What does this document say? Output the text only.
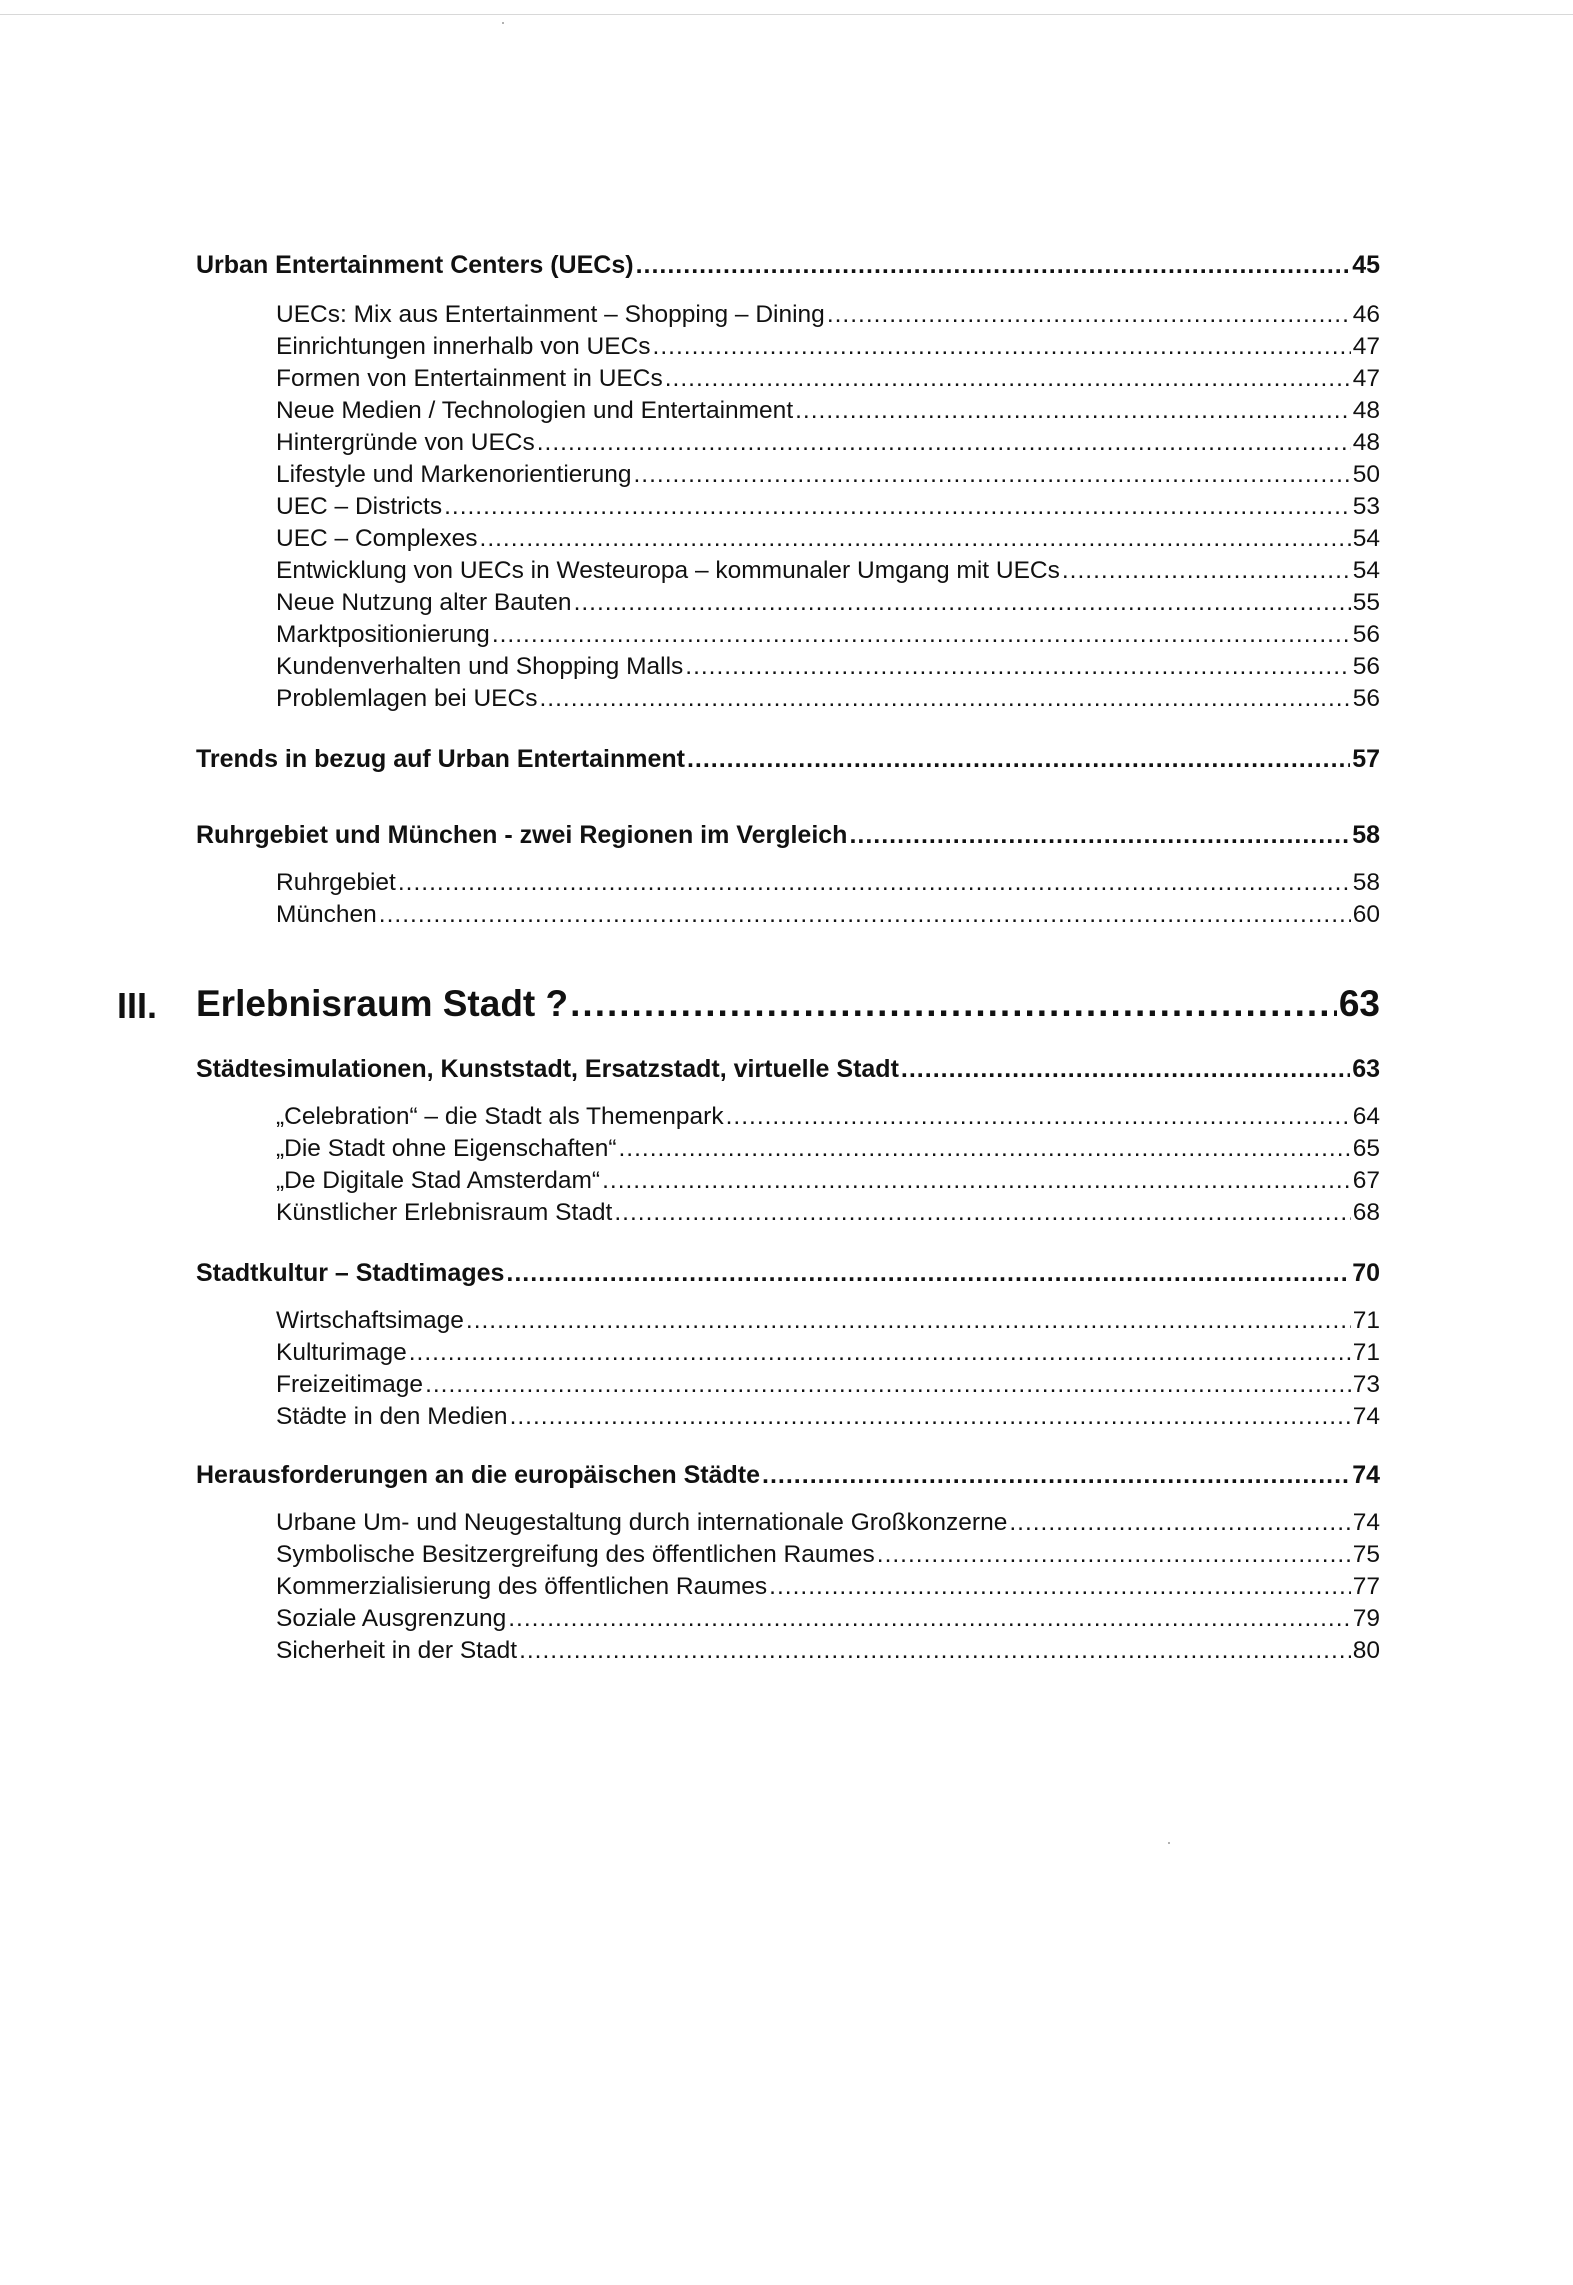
Urban Entertainment Centers (UECs) .....	45
UECs: Mix aus Entertainment – Shopping – Dining .....	46
Einrichtungen innerhalb von UECs .....	47
Formen von Entertainment in UECs .....	47
Neue Medien / Technologien und Entertainment .....	48
Hintergründe von UECs .....	48
Lifestyle und Markenorientierung .....	50
UEC – Districts .....	53
UEC – Complexes .....	54
Entwicklung von UECs in Westeuropa – kommunaler Umgang mit UECs .....	54
Neue Nutzung alter Bauten .....	55
Marktpositionierung .....	56
Kundenverhalten und Shopping Malls .....	56
Problemlagen bei UECs .....	56
Trends in bezug auf Urban Entertainment .....	57
Ruhrgebiet und München - zwei Regionen im Vergleich .....	58
Ruhrgebiet .....	58
München .....	60
III. Erlebnisraum Stadt ? .....	63
Städtesimulationen, Kunststadt, Ersatzstadt, virtuelle Stadt .....	63
„Celebration“ – die Stadt als Themenpark .....	64
„Die Stadt ohne Eigenschaften“ .....	65
„De Digitale Stad Amsterdam“ .....	67
Künstlicher Erlebnisraum Stadt .....	68
Stadtkultur – Stadtimages .....	70
Wirtschaftsimage .....	71
Kulturimage .....	71
Freizeitimage .....	73
Städte in den Medien .....	74
Herausforderungen an die europäischen Städte .....	74
Urbane Um- und Neugestaltung durch internationale Großkonzerne .....	74
Symbolische Besitzergreifung des öffentlichen Raumes .....	75
Kommerzialisierung des öffentlichen Raumes .....	77
Soziale Ausgrenzung .....	79
Sicherheit in der Stadt .....	80
